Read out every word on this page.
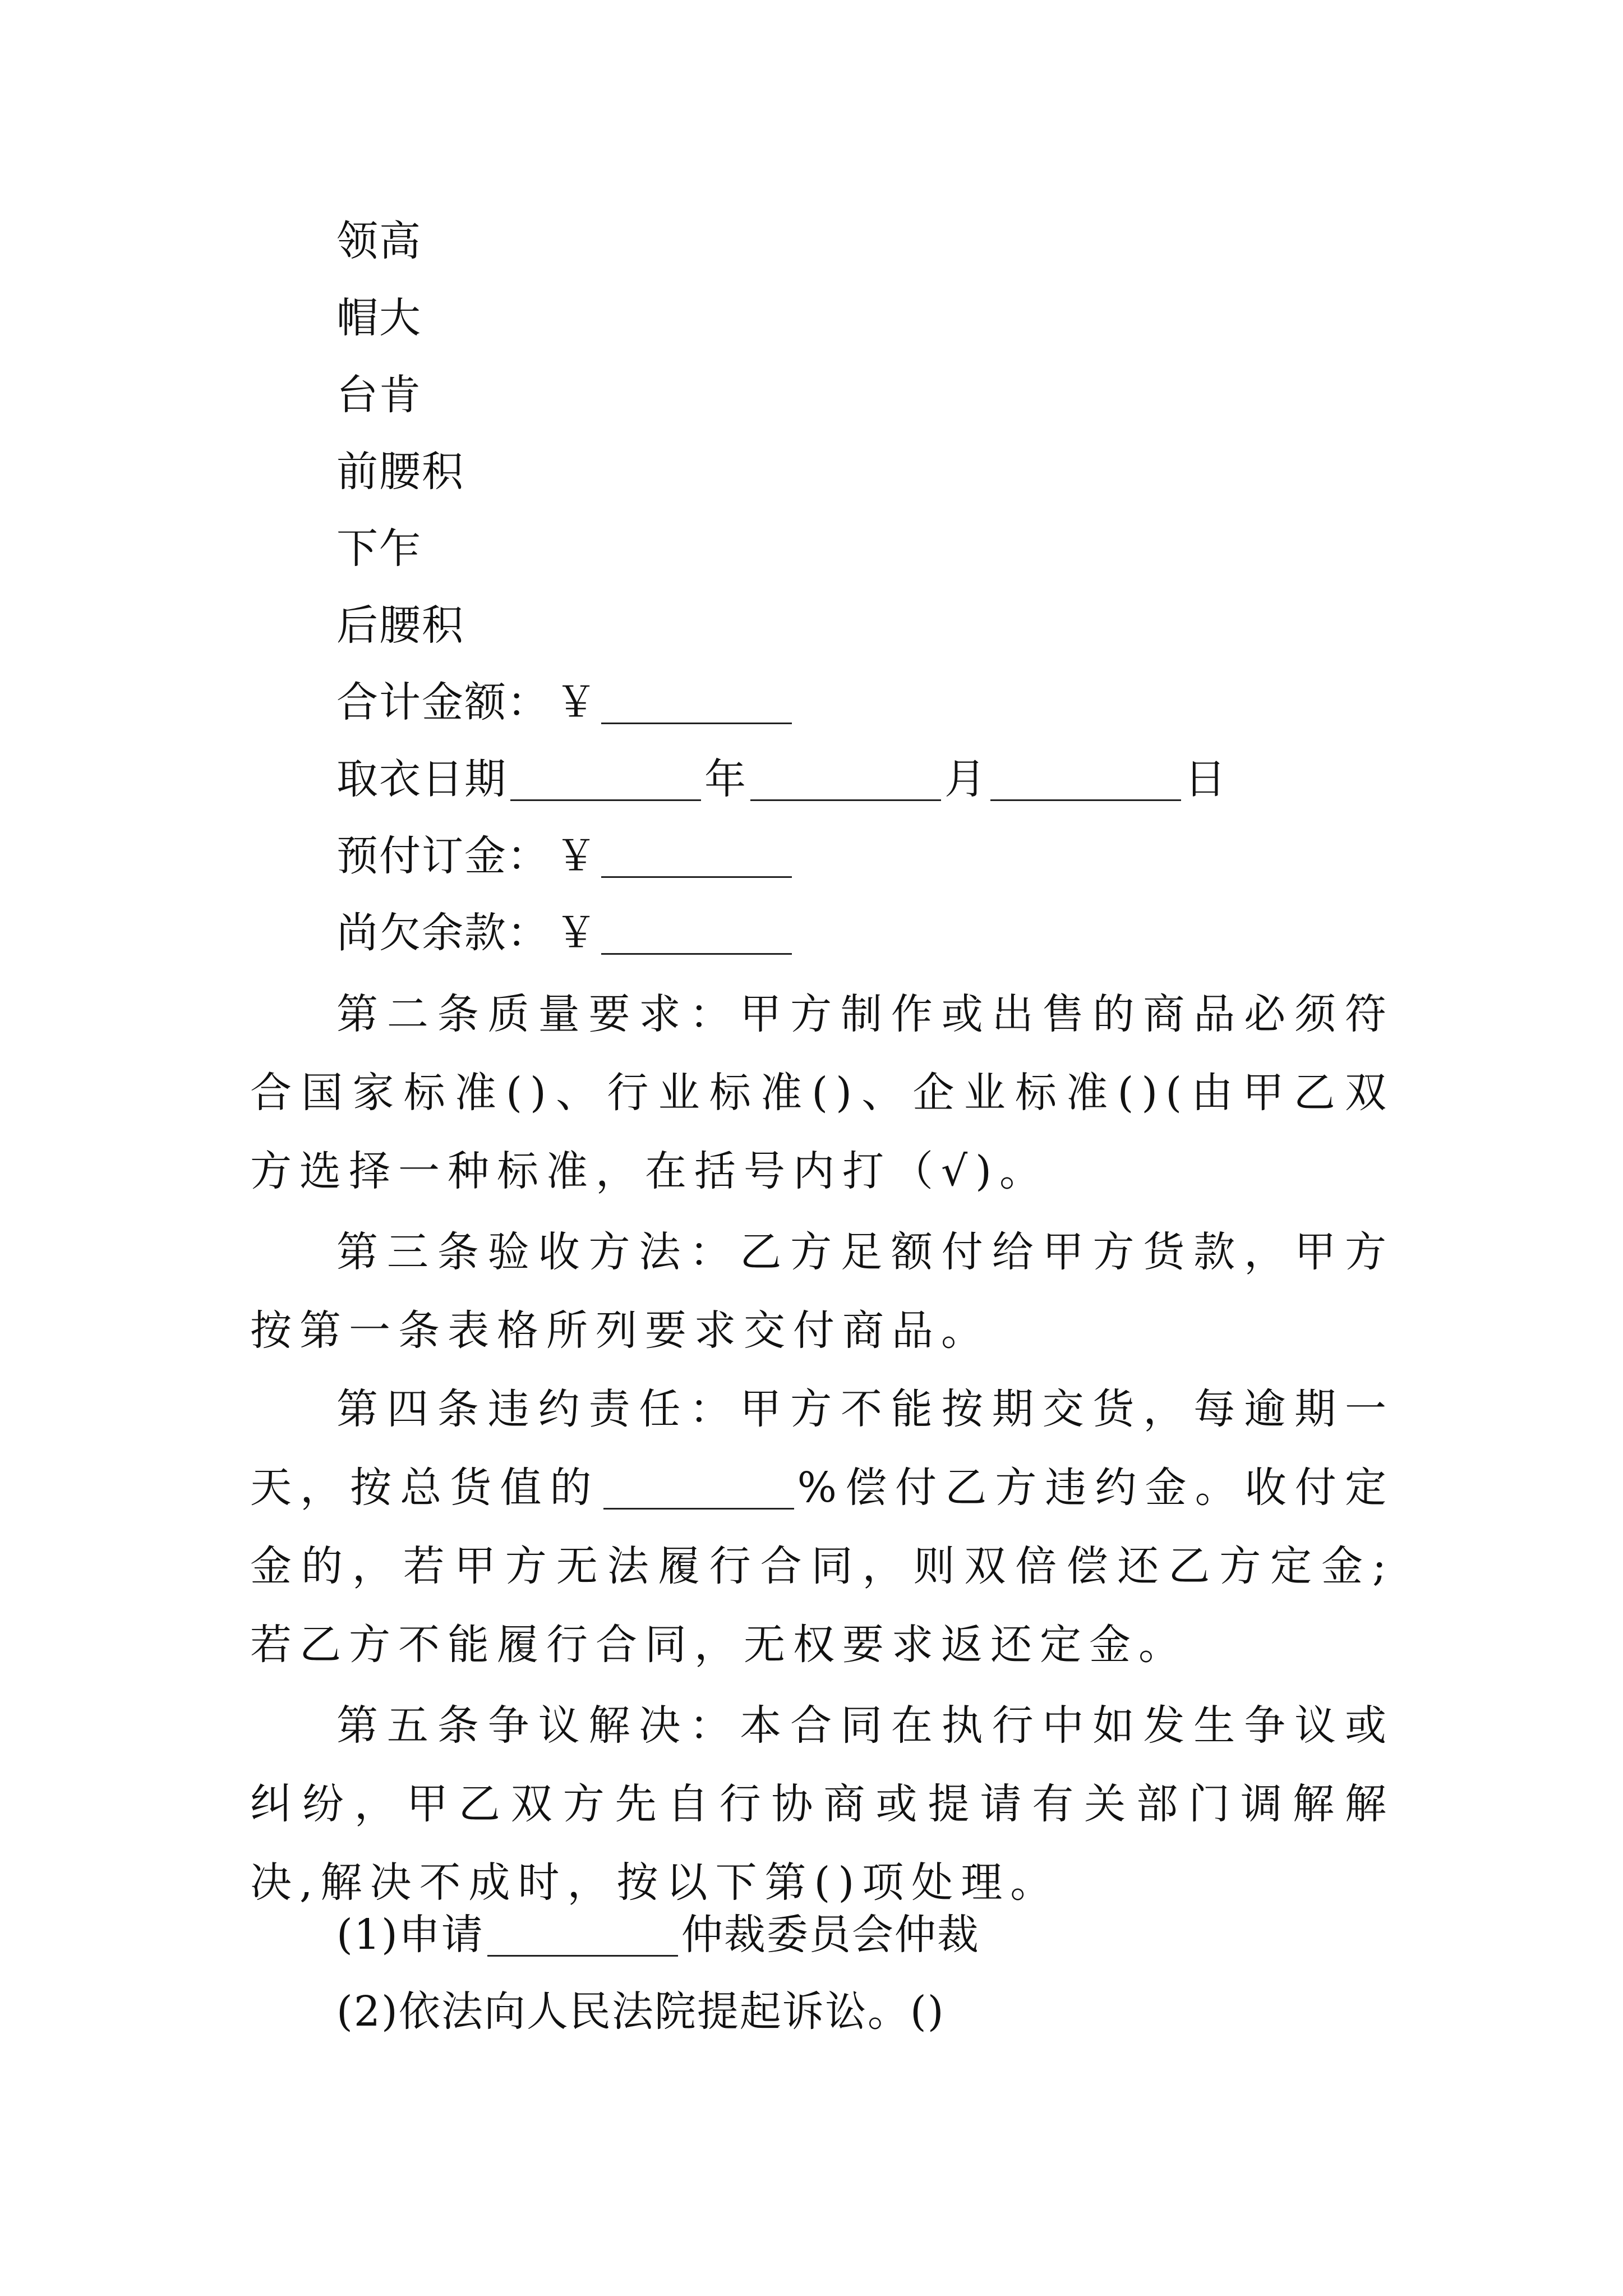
领高
帽大
台肯
前腰积
下乍
后腰积
合计金额： ￥
取衣日期	年	月	日
预付订金： ￥
尚欠余款： ￥
第二条质量要求：甲方制作或出售的商品必须符合国家标准()、行业标准()、企业标准()(由甲乙双方选择一种标准，在括号内打（√)。
第三条验收方法：乙方足额付给甲方货款，甲方按第一条表格所列要求交付商品。
第四条违约责任：甲方不能按期交货，每逾期一天，按总货值的	%偿付乙方违约金。收付定金的，若甲方无法履行合同，则双倍偿还乙方定金;若乙方不能履行合同，无权要求返还定金。
第五条争议解决：本合同在执行中如发生争议或纠纷，甲乙双方先自行协商或提请有关部门调解解决,解决不成时，按以下第()项处理。
(1)申请	仲裁委员会仲裁
(2)依法向人民法院提起诉讼。()
